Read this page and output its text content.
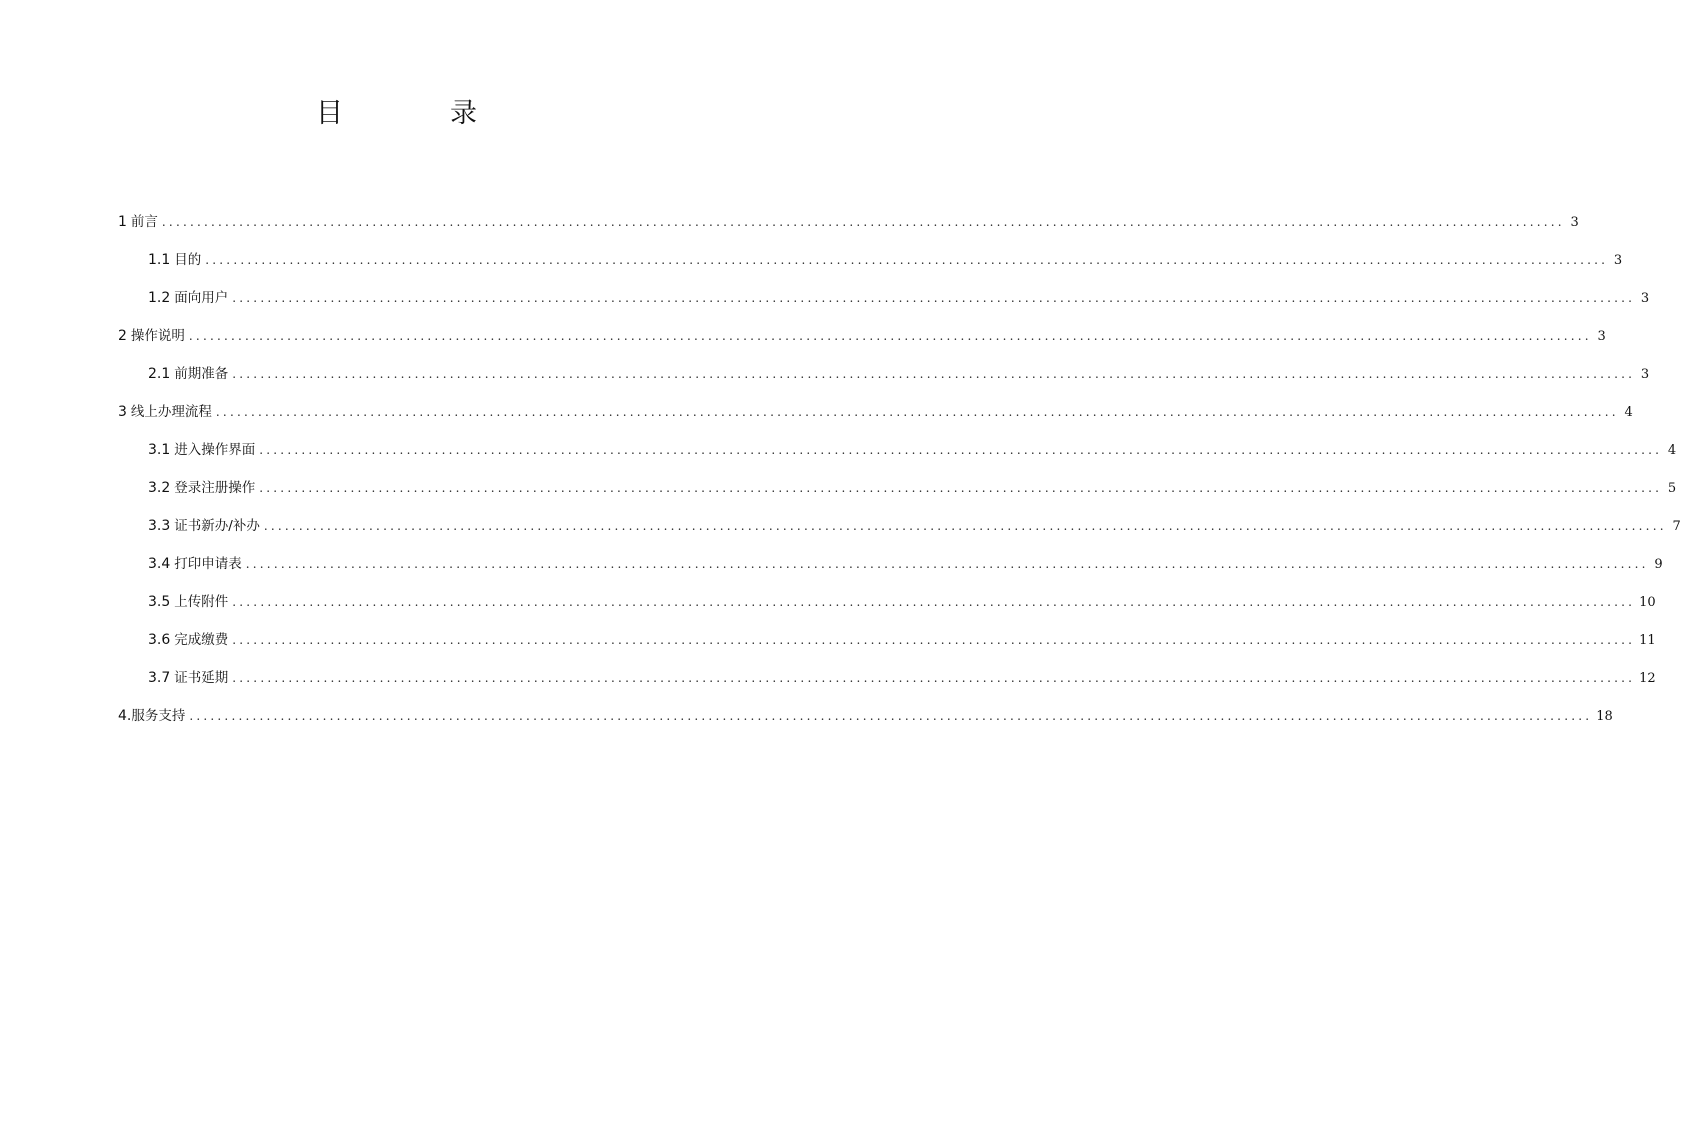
目　录
1 前言 ........................................................................................................................................................................................................ 3
1.1 目的 ........................................................................................................................................................................................................ 3
1.2 面向用户 ........................................................................................................................................................................................................ 3
2 操作说明 ........................................................................................................................................................................................................ 3
2.1 前期准备 ........................................................................................................................................................................................................ 3
3 线上办理流程 ........................................................................................................................................................................................................ 4
3.1 进入操作界面 ........................................................................................................................................................................................................ 4
3.2 登录注册操作 ........................................................................................................................................................................................................ 5
3.3 证书新办/补办 ........................................................................................................................................................................................................ 7
3.4 打印申请表 ........................................................................................................................................................................................................ 9
3.5 上传附件 ........................................................................................................................................................................................................ 10
3.6 完成缴费 ........................................................................................................................................................................................................ 11
3.7 证书延期 ........................................................................................................................................................................................................ 12
4. 服务支持 ........................................................................................................................................................................................................ 18
